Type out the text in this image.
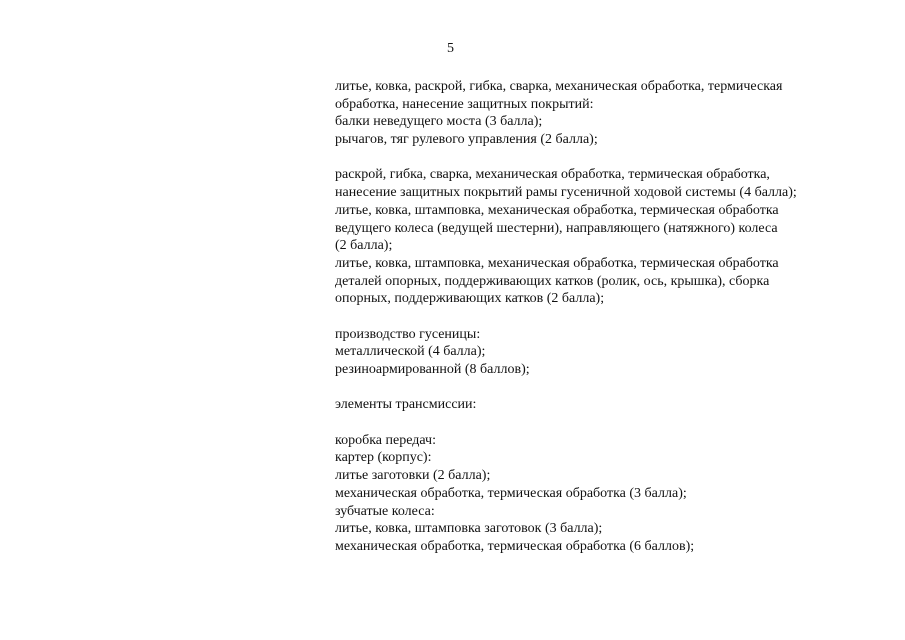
5
литье, ковка, раскрой, гибка, сварка, механическая обработка, термическая
обработка, нанесение защитных покрытий:
балки неведущего моста (3 балла);
рычагов, тяг рулевого управления (2 балла);
раскрой, гибка, сварка, механическая обработка, термическая обработка,
нанесение защитных покрытий рамы гусеничной ходовой системы (4 балла);
литье, ковка, штамповка, механическая обработка, термическая обработка
ведущего колеса (ведущей шестерни), направляющего (натяжного) колеса
(2 балла);
литье, ковка, штамповка, механическая обработка, термическая обработка
деталей опорных, поддерживающих катков (ролик, ось, крышка), сборка
опорных, поддерживающих катков (2 балла);
производство гусеницы:
металлической (4 балла);
резиноармированной (8 баллов);
элементы трансмиссии:
коробка передач:
картер (корпус):
литье заготовки (2 балла);
механическая обработка, термическая обработка (3 балла);
зубчатые колеса:
литье, ковка, штамповка заготовок (3 балла);
механическая обработка, термическая обработка (6 баллов);
